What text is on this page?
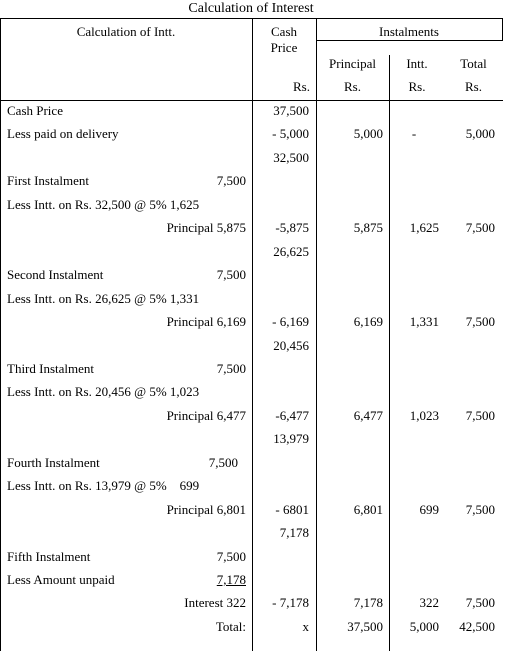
Calculation of Interest
Calculation of Intt.	Cash
Price
Instalments
Principal	Intt.	Total
Rs.	Rs.	Rs.	Rs.
Cash Price	37,500
Less paid on delivery	- 5,000	5,000	-	5,000
32,500
First Instalment	7,500
Less Intt. on Rs. 32,500 @ 5% 1,625
Principal 5,875	-5,875	5,875	1,625	7,500
26,625
Second Instalment	7,500
Less Intt. on Rs. 26,625 @ 5% 1,331
Principal 6,169	- 6,169	6,169	1,331	7,500
20,456
Third Instalment	7,500
Less Intt. on Rs. 20,456 @ 5% 1,023
Principal 6,477	-6,477	6,477	1,023	7,500
13,979
Fourth Instalment	7,500
Less Intt. on Rs. 13,979 @ 5%    699
Principal 6,801	- 6801	6,801	699	7,500
7,178
Fifth Instalment	7,500
Less Amount unpaid	7,178
Interest 322	- 7,178	7,178	322	7,500
Total:	x	37,500	5,000	42,500
